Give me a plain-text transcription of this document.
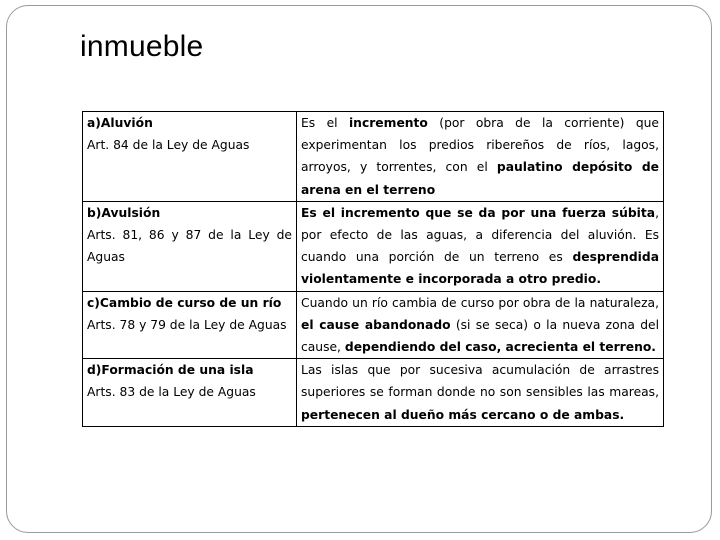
inmueble
a)Aluvión
Art. 84 de la Ley de Aguas	Es el incremento (por obra de la corriente) que experimentan los predios ribereños de ríos, lagos, arroyos, y torrentes, con el paulatino depósito de arena en el terreno

b)Avulsión
Arts. 81, 86 y 87 de la Ley de Aguas	Es el incremento que se da por una fuerza súbita, por efecto de las aguas, a diferencia del aluvión. Es cuando una porción de un terreno es desprendida violentamente e incorporada a otro predio.

c)Cambio de curso de un río
Arts. 78 y 79 de la Ley de Aguas	Cuando un río cambia de curso por obra de la naturaleza, el cause abandonado (si se seca) o la nueva zona del cause, dependiendo del caso, acrecienta el terreno.

d)Formación de una isla
Arts. 83 de la Ley de Aguas	Las islas que por sucesiva acumulación de arrastres superiores se forman donde no son sensibles las mareas, pertenecen al dueño más cercano o de ambas.
